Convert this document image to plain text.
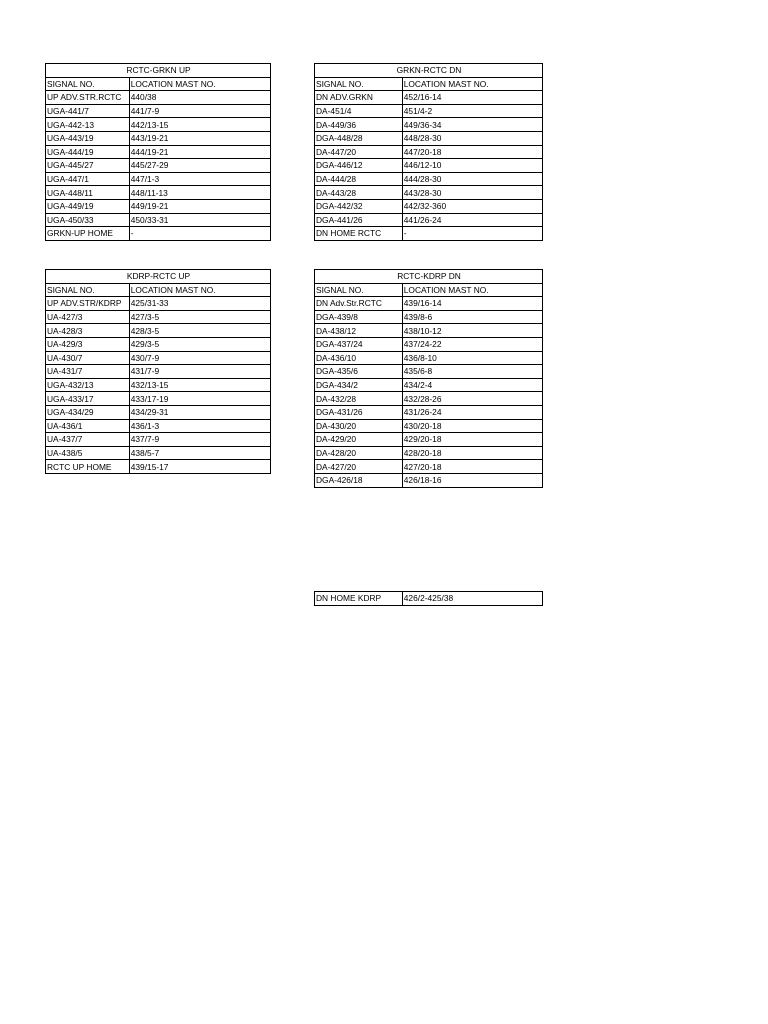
RCTC-GRKN UP	
SIGNAL NO.	LOCATION MAST NO.
UP ADV.STR.RCTC	440/38
UGA-441/7	441/7-9
UGA-442-13	442/13-15
UGA-443/19	443/19-21
UGA-444/19	444/19-21
UGA-445/27	445/27-29
UGA-447/1	447/1-3
UGA-448/11	448/11-13
UGA-449/19	449/19-21
UGA-450/33	450/33-31
GRKN-UP HOME	-
GRKN-RCTC DN	
SIGNAL NO.	LOCATION MAST NO.
DN ADV.GRKN	452/16-14
DA-451/4	451/4-2
DA-449/36	449/36-34
DGA-448/28	448/28-30
DA-447/20	447/20-18
DGA-446/12	446/12-10
DA-444/28	444/28-30
DA-443/28	443/28-30
DGA-442/32	442/32-360
DGA-441/26	441/26-24
DN HOME RCTC	-
KDRP-RCTC UP	
SIGNAL NO.	LOCATION MAST NO.
UP ADV.STR/KDRP	425/31-33
UA-427/3	427/3-5
UA-428/3	428/3-5
UA-429/3	429/3-5
UA-430/7	430/7-9
UA-431/7	431/7-9
UGA-432/13	432/13-15
UGA-433/17	433/17-19
UGA-434/29	434/29-31
UA-436/1	436/1-3
UA-437/7	437/7-9
UA-438/5	438/5-7
RCTC UP HOME	439/15-17
RCTC-KDRP DN	
SIGNAL NO.	LOCATION MAST NO.
DN Adv.Str.RCTC	439/16-14
DGA-439/8	439/8-6
DA-438/12	438/10-12
DGA-437/24	437/24-22
DA-436/10	436/8-10
DGA-435/6	435/6-8
DGA-434/2	434/2-4
DA-432/28	432/28-26
DGA-431/26	431/26-24
DA-430/20	430/20-18
DA-429/20	429/20-18
DA-428/20	428/20-18
DA-427/20	427/20-18
DGA-426/18	426/18-16
DN HOME KDRP	426/2-425/38
